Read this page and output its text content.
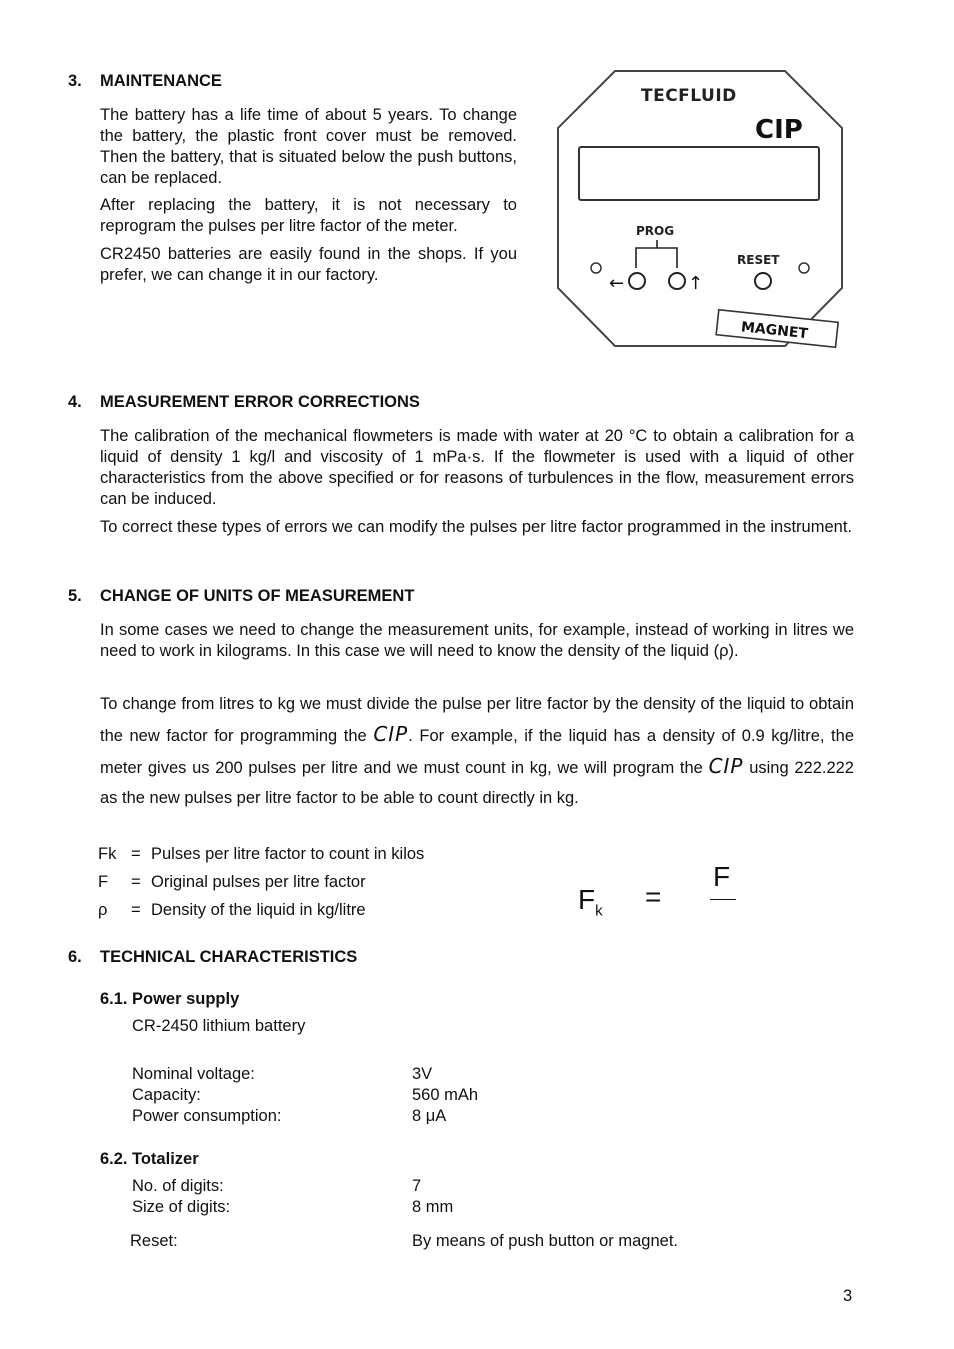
3. MAINTENANCE
The battery has a life time of about 5 years. To change the battery, the plastic front cover must be removed. Then the battery, that is situated below the push buttons, can be replaced.
After replacing the battery, it is not necessary to reprogram the pulses per litre factor of the meter.
CR2450 batteries are easily found in the shops. If you prefer, we can change it in our factory.
TECFLUID
CIP
PROG
RESET
←	↑
MAGNET
4. MEASUREMENT ERROR CORRECTIONS
The calibration of the mechanical flowmeters is made with water at 20 °C to obtain a calibration for a liquid of density 1 kg/l and viscosity of 1 mPa·s. If the flowmeter is used with a liquid of other characteristics from the above specified or for reasons of turbulences in the flow, measurement errors can be induced.
To correct these types of errors we can modify the pulses per litre factor programmed in the instrument.
5. CHANGE OF UNITS OF MEASUREMENT
In some cases we need to change the measurement units, for example, instead of working in litres we need to work in kilograms. In this case we will need to know the density of the liquid (ρ).
To change from litres to kg we must divide the pulse per litre factor by the density of the liquid to obtain the new factor for programming the CIP. For example, if the liquid has a density of 0.9 kg/litre, the meter gives us 200 pulses per litre and we must count in kg, we will program the CIP using 222.222 as the new pulses per litre factor to be able to count directly in kg.
Fk = Pulses per litre factor to count in kilos
F = Original pulses per litre factor
ρ = Density of the liquid in kg/litre	$F_k$ =
F
6. TECHNICAL CHARACTERISTICS
6.1. Power supply
CR-2450 lithium battery
Nominal voltage:	3V
Capacity:	560 mAh
Power consumption:	8 μA
6.2. Totalizer
No. of digits:	7
Size of digits:	8 mm
Reset:	By means of push button or magnet.
3
